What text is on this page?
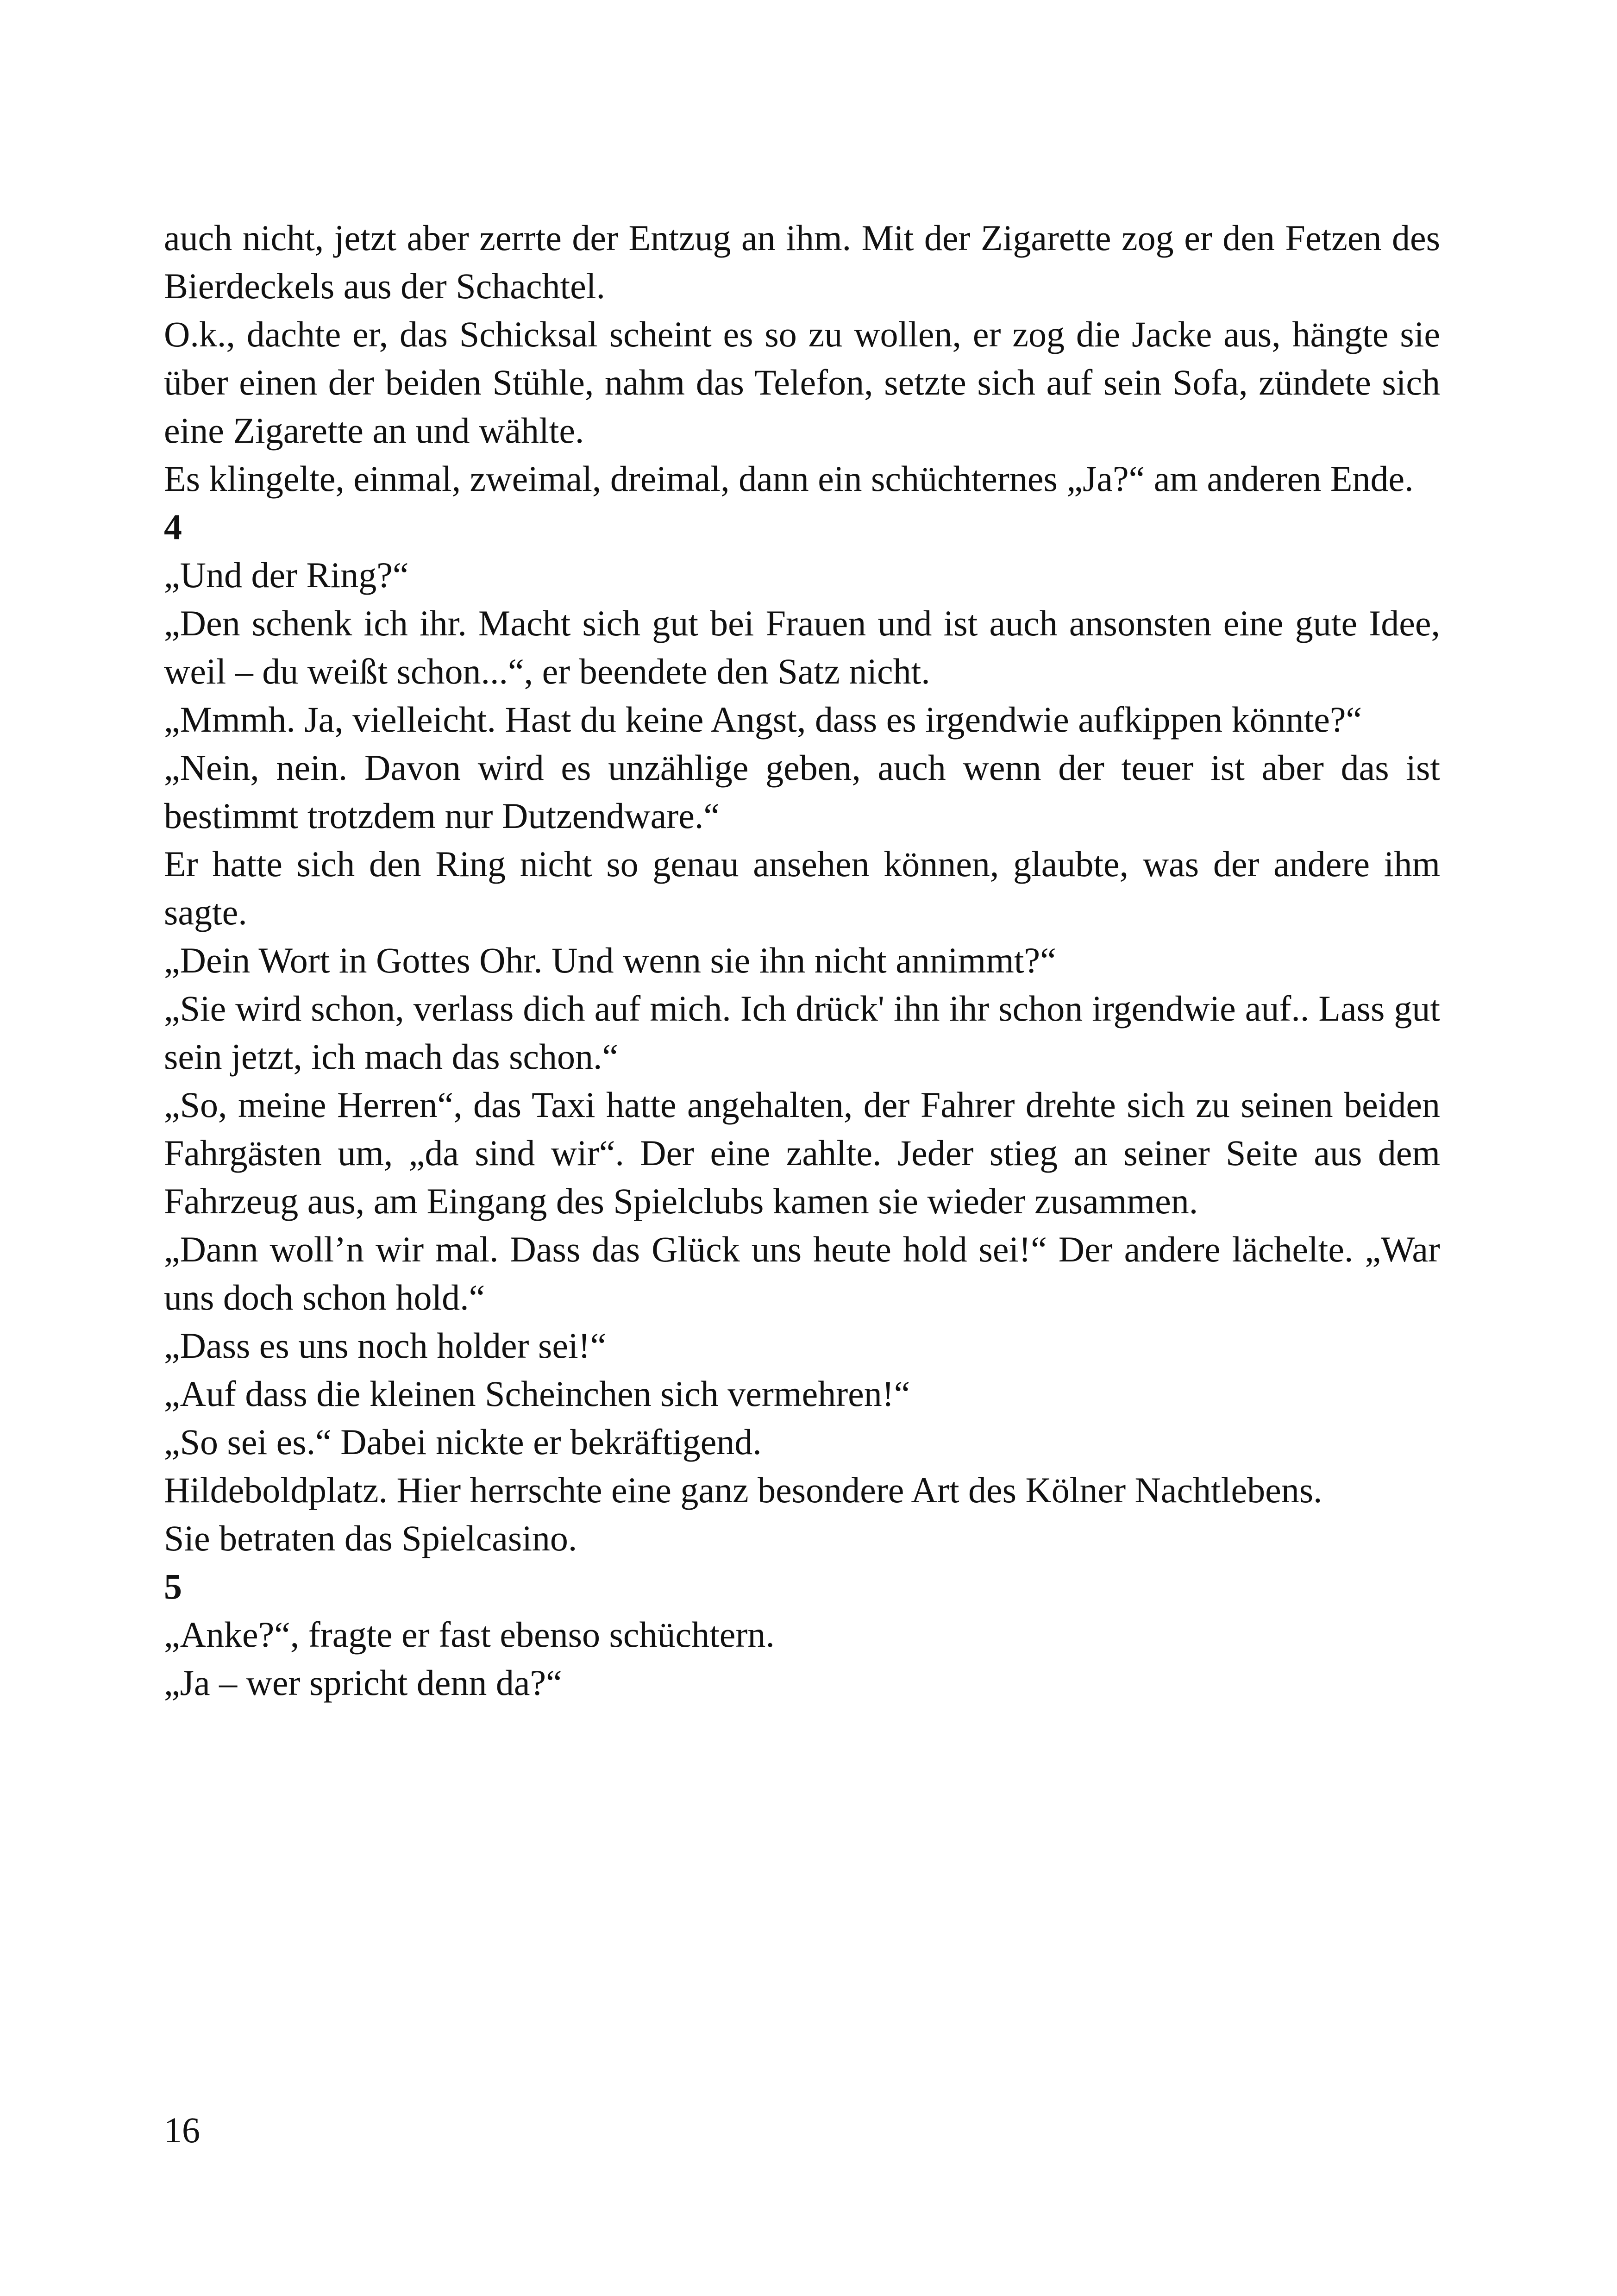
auch nicht, jetzt aber zerrte der Entzug an ihm. Mit der Zigarette zog er den Fetzen des Bierdeckels aus der Schachtel.

O.k., dachte er, das Schicksal scheint es so zu wollen, er zog die Jacke aus, hängte sie über einen der beiden Stühle, nahm das Telefon, setzte sich auf sein Sofa, zündete sich eine Zigarette an und wählte.

Es klingelte, einmal, zweimal, dreimal, dann ein schüchternes „Ja?“ am anderen Ende.

4

„Und der Ring?“

„Den schenk ich ihr. Macht sich gut bei Frauen und ist auch ansonsten eine gute Idee, weil – du weißt schon...“, er beendete den Satz nicht.

„Mmmh. Ja, vielleicht. Hast du keine Angst, dass es irgendwie aufkippen könnte?“

„Nein, nein. Davon wird es unzählige geben, auch wenn der teuer ist aber das ist bestimmt trotzdem nur Dutzendware.“

Er hatte sich den Ring nicht so genau ansehen können, glaubte, was der andere ihm sagte.

„Dein Wort in Gottes Ohr. Und wenn sie ihn nicht annimmt?“

„Sie wird schon, verlass dich auf mich. Ich drück' ihn ihr schon irgendwie auf.. Lass gut sein jetzt, ich mach das schon.“

„So, meine Herren“, das Taxi hatte angehalten, der Fahrer drehte sich zu seinen beiden Fahrgästen um, „da sind wir“. Der eine zahlte. Jeder stieg an seiner Seite aus dem Fahrzeug aus, am Eingang des Spielclubs kamen sie wieder zusammen.

„Dann woll’n wir mal. Dass das Glück uns heute hold sei!“ Der andere lächelte. „War uns doch schon hold.“

„Dass es uns noch holder sei!“

„Auf dass die kleinen Scheinchen sich vermehren!“

„So sei es.“ Dabei nickte er bekräftigend.

Hildeboldplatz. Hier herrschte eine ganz besondere Art des Kölner Nachtlebens.

Sie betraten das Spielcasino.

5

„Anke?“, fragte er fast ebenso schüchtern.

„Ja – wer spricht denn da?“

16
